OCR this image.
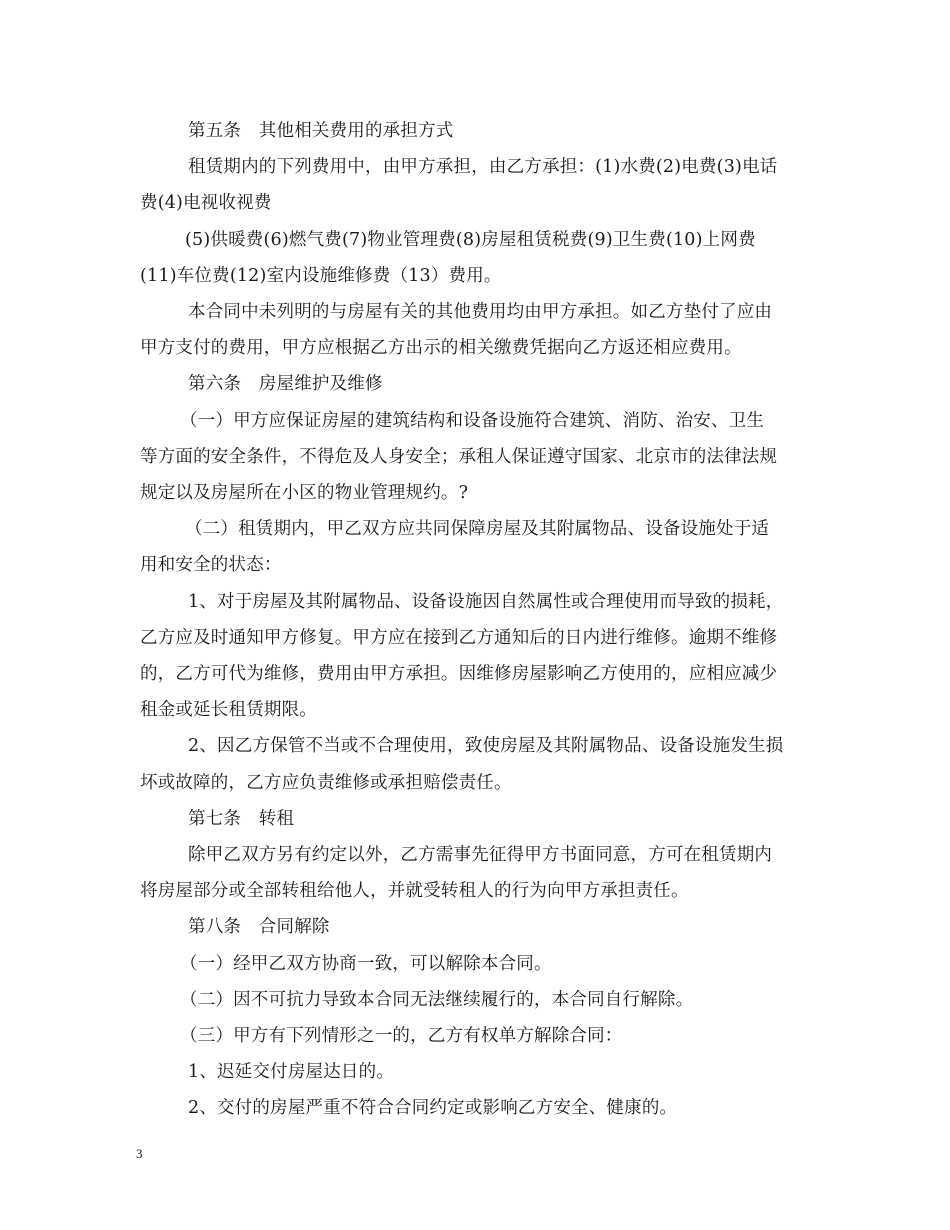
第五条　其他相关费用的承担方式
租赁期内的下列费用中，由甲方承担，由乙方承担：(1)水费(2)电费(3)电话
费(4)电视收视费
(5)供暖费(6)燃气费(7)物业管理费(8)房屋租赁税费(9)卫生费(10)上网费
(11)车位费(12)室内设施维修费（13）费用。
本合同中未列明的与房屋有关的其他费用均由甲方承担。如乙方垫付了应由
甲方支付的费用，甲方应根据乙方出示的相关缴费凭据向乙方返还相应费用。
第六条　房屋维护及维修
（一）甲方应保证房屋的建筑结构和设备设施符合建筑、消防、治安、卫生
等方面的安全条件，不得危及人身安全；承租人保证遵守国家、北京市的法律法规
规定以及房屋所在小区的物业管理规约。?
（二）租赁期内，甲乙双方应共同保障房屋及其附属物品、设备设施处于适
用和安全的状态：
1、对于房屋及其附属物品、设备设施因自然属性或合理使用而导致的损耗，
乙方应及时通知甲方修复。甲方应在接到乙方通知后的日内进行维修。逾期不维修
的，乙方可代为维修，费用由甲方承担。因维修房屋影响乙方使用的，应相应减少
租金或延长租赁期限。
2、因乙方保管不当或不合理使用，致使房屋及其附属物品、设备设施发生损
坏或故障的，乙方应负责维修或承担赔偿责任。
第七条　转租
除甲乙双方另有约定以外，乙方需事先征得甲方书面同意，方可在租赁期内
将房屋部分或全部转租给他人，并就受转租人的行为向甲方承担责任。
第八条　合同解除
（一）经甲乙双方协商一致，可以解除本合同。
（二）因不可抗力导致本合同无法继续履行的，本合同自行解除。
（三）甲方有下列情形之一的，乙方有权单方解除合同：
1、迟延交付房屋达日的。
2、交付的房屋严重不符合合同约定或影响乙方安全、健康的。

3
